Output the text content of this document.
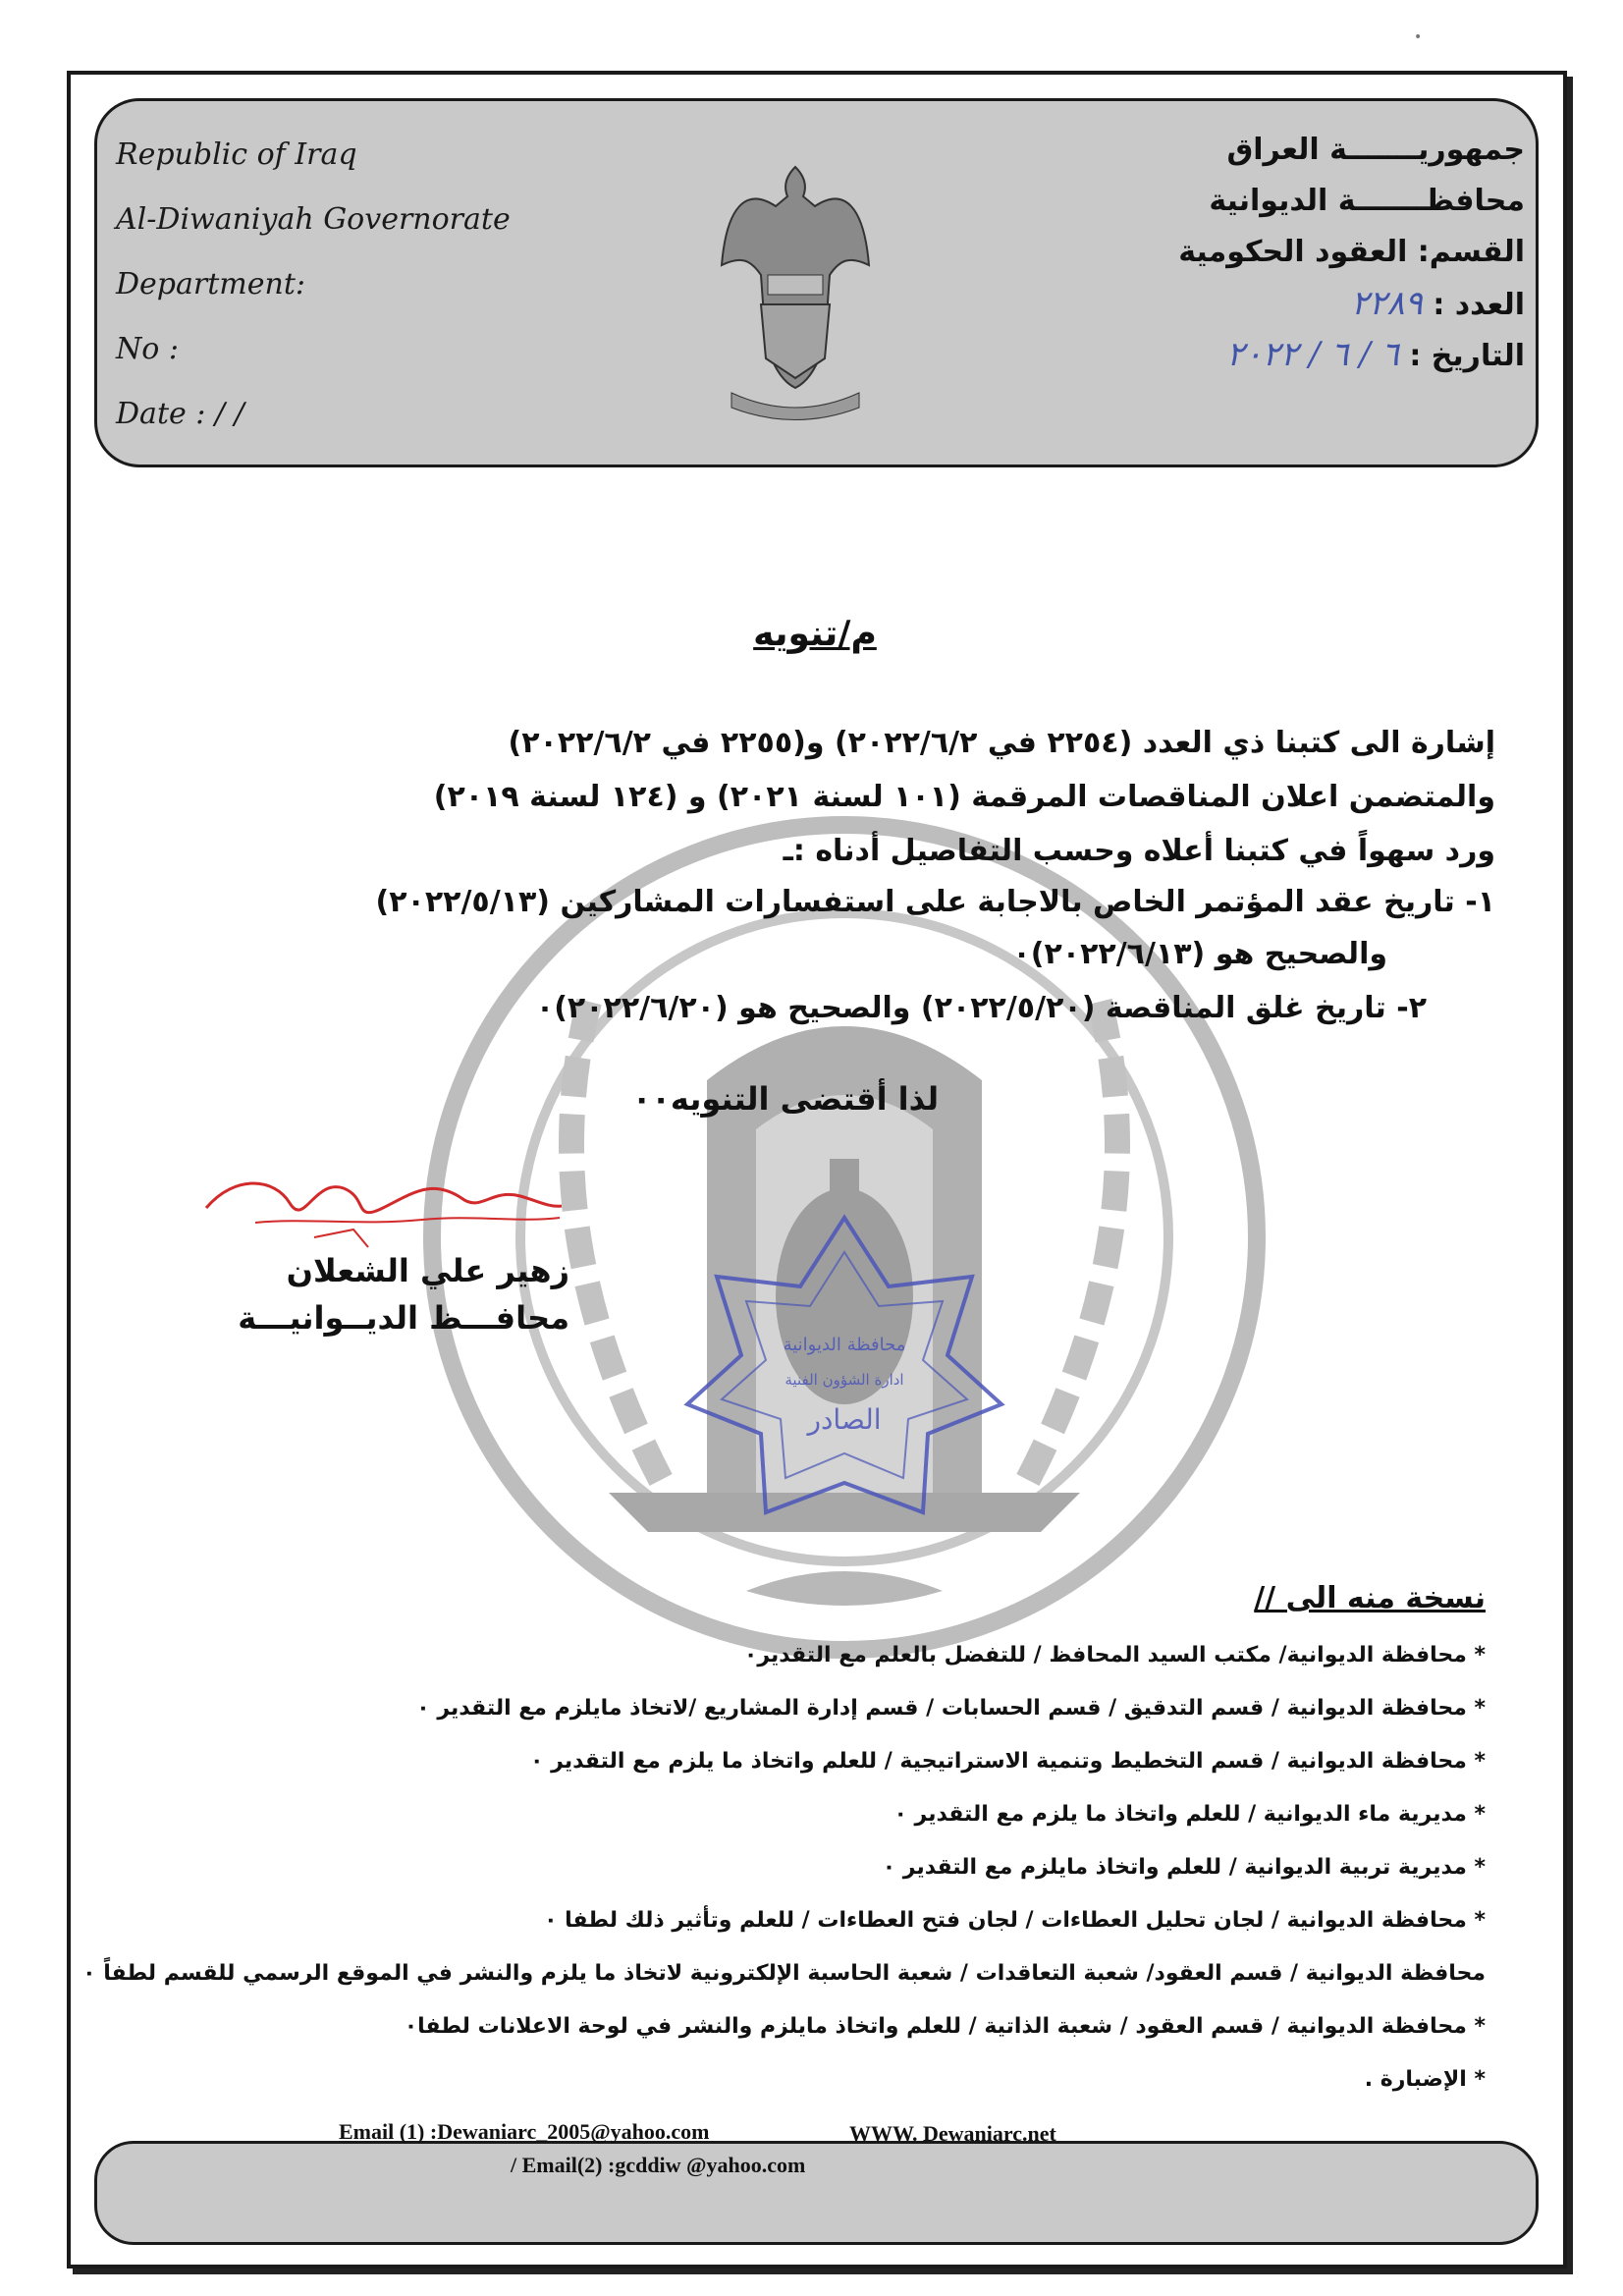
•
Republic of Iraq
Al-Diwaniyah Governorate
Department:
No :
Date : / /
جمهوريـــــــة العراق
محافظـــــــة الديوانية
القسم: العقود الحكومية
العدد : ٢٢٨٩
التاريخ : ٦ / ٦ / ٢٠٢٢
محافظة الديوانية
ادارة الشؤون الفنية
الصادر
م/تنويه
إشارة الى كتبنا ذي العدد (٢٢٥٤ في ٢٠٢٢/٦/٢) و(٢٢٥٥ في ٢٠٢٢/٦/٢)
والمتضمن اعلان المناقصات المرقمة (١٠١ لسنة ٢٠٢١) و (١٢٤ لسنة ٢٠١٩)
ورد سهواً في كتبنا أعلاه وحسب التفاصيل أدناه :ـ
١- تاريخ عقد المؤتمر الخاص بالاجابة على استفسارات المشاركين (٢٠٢٢/٥/١٣)
والصحيح هو (٢٠٢٢/٦/١٣)٠
٢- تاريخ غلق المناقصة (٢٠٢٢/٥/٢٠) والصحيح هو (٢٠٢٢/٦/٢٠)٠
لذا أقتضى التنويه٠٠
زهير علي الشعلان
محافـــظ الديــوانيـــة
نسخة منه الى //
* محافظة الديوانية/ مكتب السيد المحافظ / للتفضل بالعلم مع التقدير٠
* محافظة الديوانية / قسم التدقيق / قسم الحسابات / قسم إدارة المشاريع /لاتخاذ مايلزم مع التقدير ٠
* محافظة الديوانية / قسم التخطيط وتنمية الاستراتيجية / للعلم واتخاذ ما يلزم مع التقدير ٠
* مديرية ماء الديوانية / للعلم واتخاذ ما يلزم مع التقدير ٠
* مديرية تربية الديوانية / للعلم واتخاذ مايلزم مع التقدير ٠
* محافظة الديوانية / لجان تحليل العطاءات / لجان فتح العطاءات / للعلم وتأثير ذلك لطفا ٠
محافظة الديوانية / قسم العقود/ شعبة التعاقدات / شعبة الحاسبة الإلكترونية لاتخاذ ما يلزم والنشر في الموقع الرسمي للقسم لطفاً ٠
* محافظة الديوانية / قسم العقود / شعبة الذاتية / للعلم واتخاذ مايلزم والنشر في لوحة الاعلانات لطفا٠
* الإضبارة .
Email (1) :Dewaniarc_2005@yahoo.com	WWW. Dewaniarc.net
/ Email(2) :gcddiw @yahoo.com
